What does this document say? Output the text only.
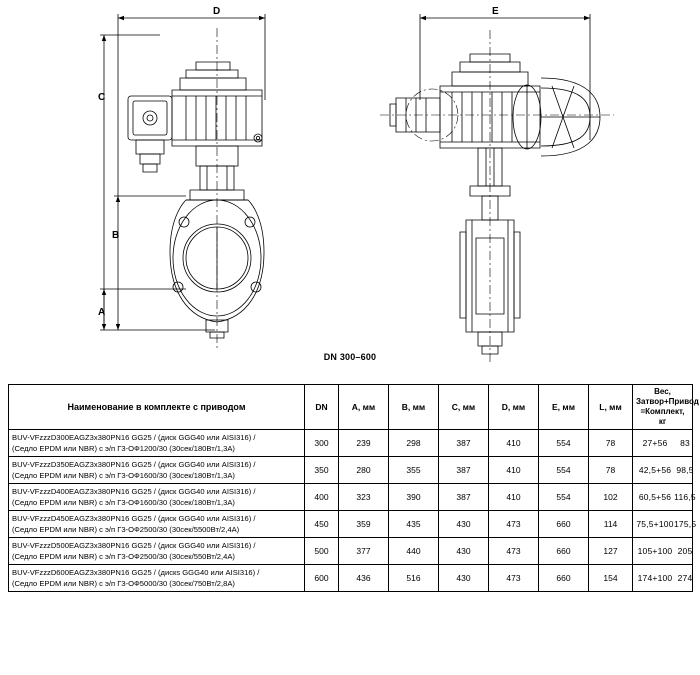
D
C
B
A
E
DN 300–600
Наименование в комплекте с приводом	DN	А, мм	В, мм	С, мм	D, мм	Е, мм	L, мм	Вес,
Затвор+Привод
=Комплект, кг

BUV-VFzzzD300EAGZ3x380PN16 GG25 / (диск GGG40 или AISI316) /
(Седло EPDM или NBR) с э/п Г3-ОФ1200/30 (30сек/180Вт/1,3А)
	300	239	298	387	410	554	78	27+56	83

BUV-VFzzzD350EAGZ3x380PN16 GG25 / (диск GGG40 или AISI316) /
(Седло EPDM или NBR) с э/п Г3-ОФ1600/30 (30сек/180Вт/1,3А)
	350	280	355	387	410	554	78	42,5+56 98,5

BUV-VFzzzD400EAGZ3x380PN16 GG25 / (диск GGG40 или AISI316) /
(Седло EPDM или NBR) с э/п Г3-ОФ1600/30 (30сек/180Вт/1,3А)
	400	323	390	387	410	554	102	60,5+56 116,5

BUV-VFzzzD450EAGZ3x380PN16 GG25 / (диск GGG40 или AISI316) /
(Седло EPDM или NBR) с э/п Г3-ОФ2500/30 (30сек/5500Вт/2,4А)
	450	359	435	430	473	660	114	75,5+100 175,5

BUV-VFzzzD500EAGZ3x380PN16 GG25 / (диск GGG40 или AISI316) /
(Седло EPDM или NBR) с э/п Г3-ОФ2500/30 (30сек/550Вт/2,4А)
	500	377	440	430	473	660	127	105+100 205

BUV-VFzzzD600EAGZ3x380PN16 GG25 / (дискs GGG40 или AISI316) /
(Седло EPDM или NBR) с э/п Г3-ОФ5000/30 (30сек/750Вт/2,8А)
	600	436	516	430	473	660	154	174+100 274
